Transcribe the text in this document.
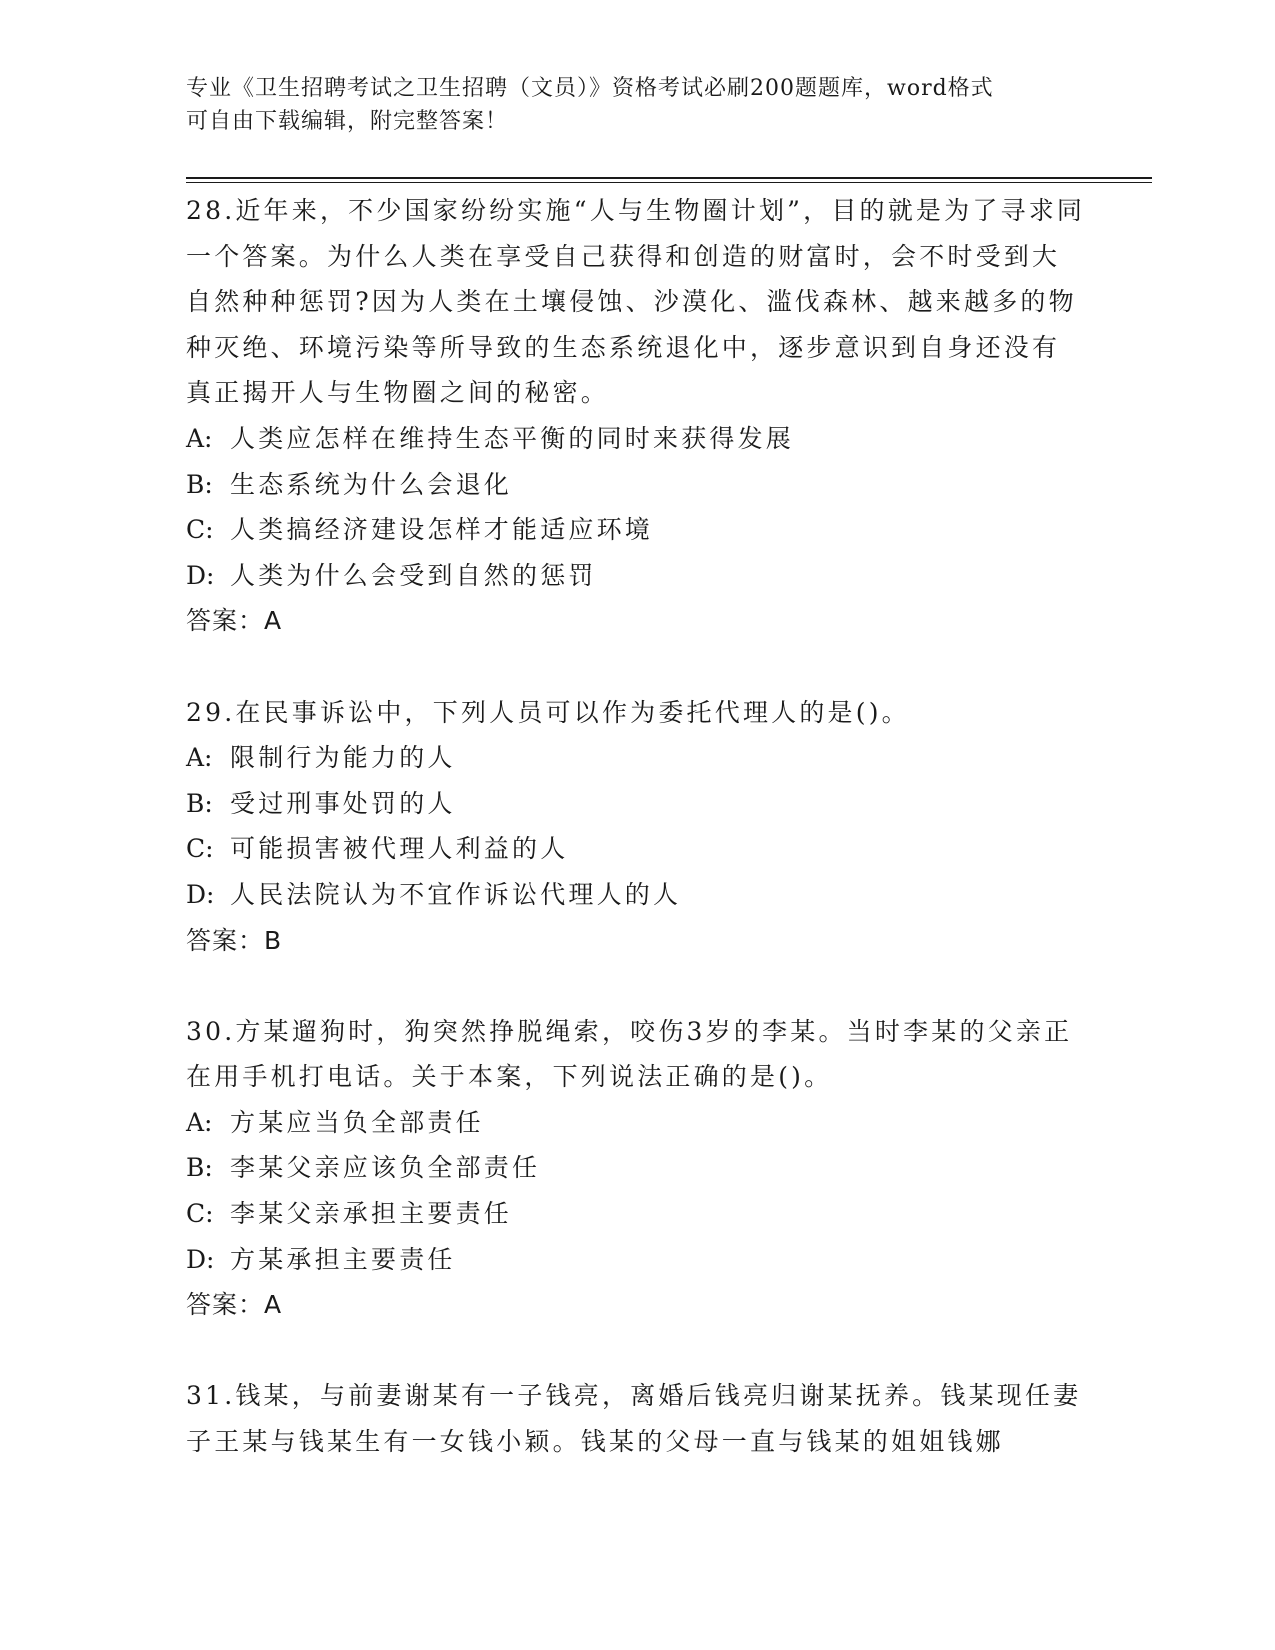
专业《卫生招聘考试之卫生招聘（文员）》资格考试必刷200题题库，word格式
可自由下载编辑，附完整答案！

28.近年来，不少国家纷纷实施“人与生物圈计划”，目的就是为了寻求同一个答案。为什么人类在享受自己获得和创造的财富时，会不时受到大自然种种惩罚?因为人类在土壤侵蚀、沙漠化、滥伐森林、越来越多的物种灭绝、环境污染等所导致的生态系统退化中，逐步意识到自身还没有真正揭开人与生物圈之间的秘密。

A: 人类应怎样在维持生态平衡的同时来获得发展
B: 生态系统为什么会退化
C: 人类搞经济建设怎样才能适应环境
D: 人类为什么会受到自然的惩罚
答案：A

29.在民事诉讼中，下列人员可以作为委托代理人的是()。

A: 限制行为能力的人
B: 受过刑事处罚的人
C: 可能损害被代理人利益的人
D: 人民法院认为不宜作诉讼代理人的人
答案：B

30.方某遛狗时，狗突然挣脱绳索，咬伤3岁的李某。当时李某的父亲正在用手机打电话。关于本案，下列说法正确的是()。

A: 方某应当负全部责任
B: 李某父亲应该负全部责任
C: 李某父亲承担主要责任
D: 方某承担主要责任
答案：A

31.钱某，与前妻谢某有一子钱亮，离婚后钱亮归谢某抚养。钱某现任妻子王某与钱某生有一女钱小颖。钱某的父母一直与钱某的姐姐钱娜
